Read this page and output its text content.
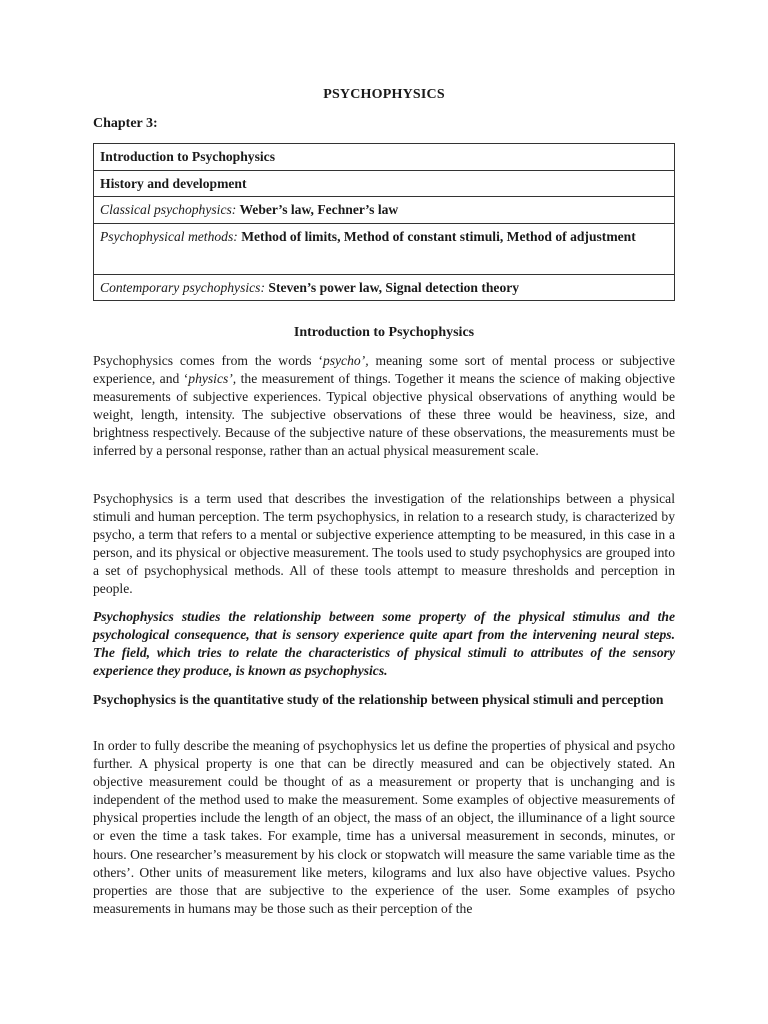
PSYCHOPHYSICS

Chapter 3:

Introduction to Psychophysics
History and development
Classical psychophysics: Weber’s law, Fechner’s law
Psychophysical methods: Method of limits, Method of constant stimuli, Method of adjustment
Contemporary psychophysics: Steven’s power law, Signal detection theory
Introduction to Psychophysics

Psychophysics comes from the words ‘psycho’, meaning some sort of mental process or subjective experience, and ‘physics’, the measurement of things. Together it means the science of making objective measurements of subjective experiences. Typical objective physical observations of anything would be weight, length, intensity. The subjective observations of these three would be heaviness, size, and brightness respectively. Because of the subjective nature of these observations, the measurements must be inferred by a personal response, rather than an actual physical measurement scale.

Psychophysics is a term used that describes the investigation of the relationships between a physical stimuli and human perception. The term psychophysics, in relation to a research study, is characterized by psycho, a term that refers to a mental or subjective experience attempting to be measured, in this case in a person, and its physical or objective measurement. The tools used to study psychophysics are grouped into a set of psychophysical methods. All of these tools attempt to measure thresholds and perception in people.

Psychophysics studies the relationship between some property of the physical stimulus and the psychological consequence, that is sensory experience quite apart from the intervening neural steps. The field, which tries to relate the characteristics of physical stimuli to attributes of the sensory experience they produce, is known as psychophysics.

Psychophysics is the quantitative study of the relationship between physical stimuli and perception

In order to fully describe the meaning of psychophysics let us define the properties of physical and psycho further. A physical property is one that can be directly measured and can be objectively stated. An objective measurement could be thought of as a measurement or property that is unchanging and is independent of the method used to make the measurement. Some examples of objective measurements of physical properties include the length of an object, the mass of an object, the illuminance of a light source or even the time a task takes. For example, time has a universal measurement in seconds, minutes, or hours. One researcher’s measurement by his clock or stopwatch will measure the same variable time as the others’. Other units of measurement like meters, kilograms and lux also have objective values. Psycho properties are those that are subjective to the experience of the user. Some examples of psycho measurements in humans may be those such as their perception of the
